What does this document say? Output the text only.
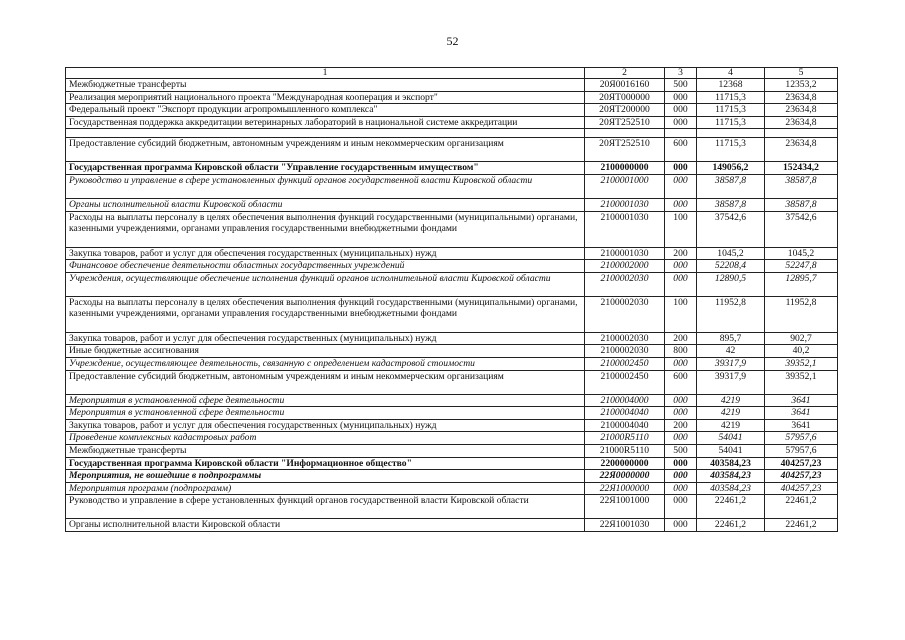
52
1	2	3	4	5
Межбюджетные трансферты	20Я0016160	500	12368	12353,2
Реализация мероприятий национального проекта "Международная кооперация и экспорт"	20ЯТ000000	000	11715,3	23634,8
Федеральный проект "Экспорт продукции агропромышленного комплекса"	20ЯТ200000	000	11715,3	23634,8
Государственная поддержка аккредитации ветеринарных лабораторий в национальной системе аккредитации	20ЯТ252510	000	11715,3	23634,8

Предоставление субсидий бюджетным, автономным учреждениям и иным некоммерческим организациям	20ЯТ252510	600	11715,3	23634,8
Государственная программа Кировской области "Управление государственным имуществом"	2100000000	000	149056,2	152434,2
Руководство и управление в сфере установленных функций органов государственной власти Кировской области	2100001000	000	38587,8	38587,8
Органы исполнительной власти Кировской области	2100001030	000	38587,8	38587,8
Расходы на выплаты персоналу в целях обеспечения выполнения функций государственными (муниципальными) органами, казенными учреждениями, органами управления государственными внебюджетными фондами	2100001030	100	37542,6	37542,6
Закупка товаров, работ и услуг для обеспечения государственных (муниципальных) нужд	2100001030	200	1045,2	1045,2
Финансовое обеспечение деятельности областных государственных учреждений	2100002000	000	52208,4	52247,8
Учреждения, осуществляющие обеспечение исполнения функций органов исполнительной власти Кировской области	2100002030	000	12890,5	12895,7
Расходы на выплаты персоналу в целях обеспечения выполнения функций государственными (муниципальными) органами, казенными учреждениями, органами управления государственными внебюджетными фондами	2100002030	100	11952,8	11952,8
Закупка товаров, работ и услуг для обеспечения государственных (муниципальных) нужд	2100002030	200	895,7	902,7
Иные бюджетные ассигнования	2100002030	800	42	40,2
Учреждение, осуществляющее деятельность, связанную с определением кадастровой стоимости	2100002450	000	39317,9	39352,1
Предоставление субсидий бюджетным, автономным учреждениям и иным некоммерческим организациям	2100002450	600	39317,9	39352,1
Мероприятия в установленной сфере деятельности	2100004000	000	4219	3641
Мероприятия в установленной сфере деятельности	2100004040	000	4219	3641
Закупка товаров, работ и услуг для обеспечения государственных (муниципальных) нужд	2100004040	200	4219	3641
Проведение комплексных кадастровых работ	21000R5110	000	54041	57957,6
Межбюджетные трансферты	21000R5110	500	54041	57957,6
Государственная программа Кировской области "Информационное общество"	2200000000	000	403584,23	404257,23
Мероприятия, не вошедшие в подпрограммы	22Я0000000	000	403584,23	404257,23
Мероприятия программ (подпрограмм)	22Я1000000	000	403584,23	404257,23
Руководство и управление в сфере установленных функций органов государственной власти Кировской области	22Я1001000	000	22461,2	22461,2
Органы исполнительной власти Кировской области	22Я1001030	000	22461,2	22461,2
